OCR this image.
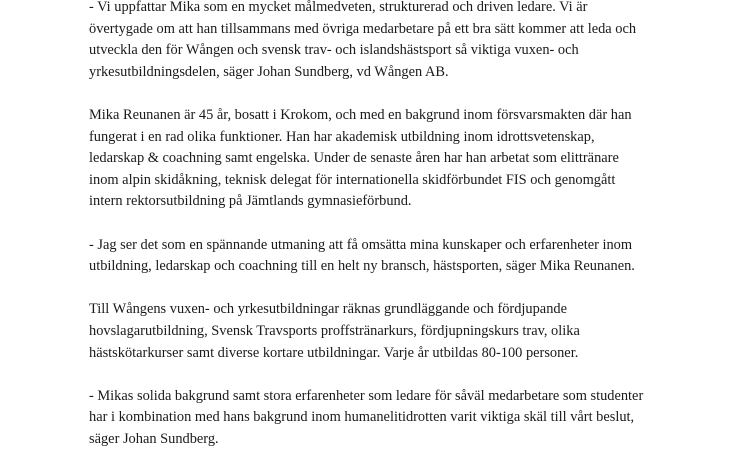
- Vi uppfattar Mika som en mycket målmedveten, strukturerad och driven ledare. Vi är
övertygade om att han tillsammans med övriga medarbetare på ett bra sätt kommer att leda och
utveckla den för Wången och svensk trav- och islandshästsport så viktiga vuxen- och
yrkesutbildningsdelen, säger Johan Sundberg, vd Wången AB.

Mika Reunanen är 45 år, bosatt i Krokom, och med en bakgrund inom försvarsmakten där han
fungerat i en rad olika funktioner. Han har akademisk utbildning inom idrottsvetenskap,
ledarskap & coachning samt engelska. Under de senaste åren har han arbetat som elittränare
inom alpin skidåkning, teknisk delegat för internationella skidförbundet FIS och genomgått
intern rektorsutbildning på Jämtlands gymnasieförbund.

- Jag ser det som en spännande utmaning att få omsätta mina kunskaper och erfarenheter inom
utbildning, ledarskap och coachning till en helt ny bransch, hästsporten, säger Mika Reunanen.

Till Wångens vuxen- och yrkesutbildningar räknas grundläggande och fördjupande
hovslagarutbildning, Svensk Travsports proffstränarkurs, fördjupningskurs trav, olika
hästskötarkurser samt diverse kortare utbildningar. Varje år utbildas 80-100 personer.

- Mikas solida bakgrund samt stora erfarenheter som ledare för såväl medarbetare som studenter
har i kombination med hans bakgrund inom humanelitidrotten varit viktiga skäl till vårt beslut,
säger Johan Sundberg.
